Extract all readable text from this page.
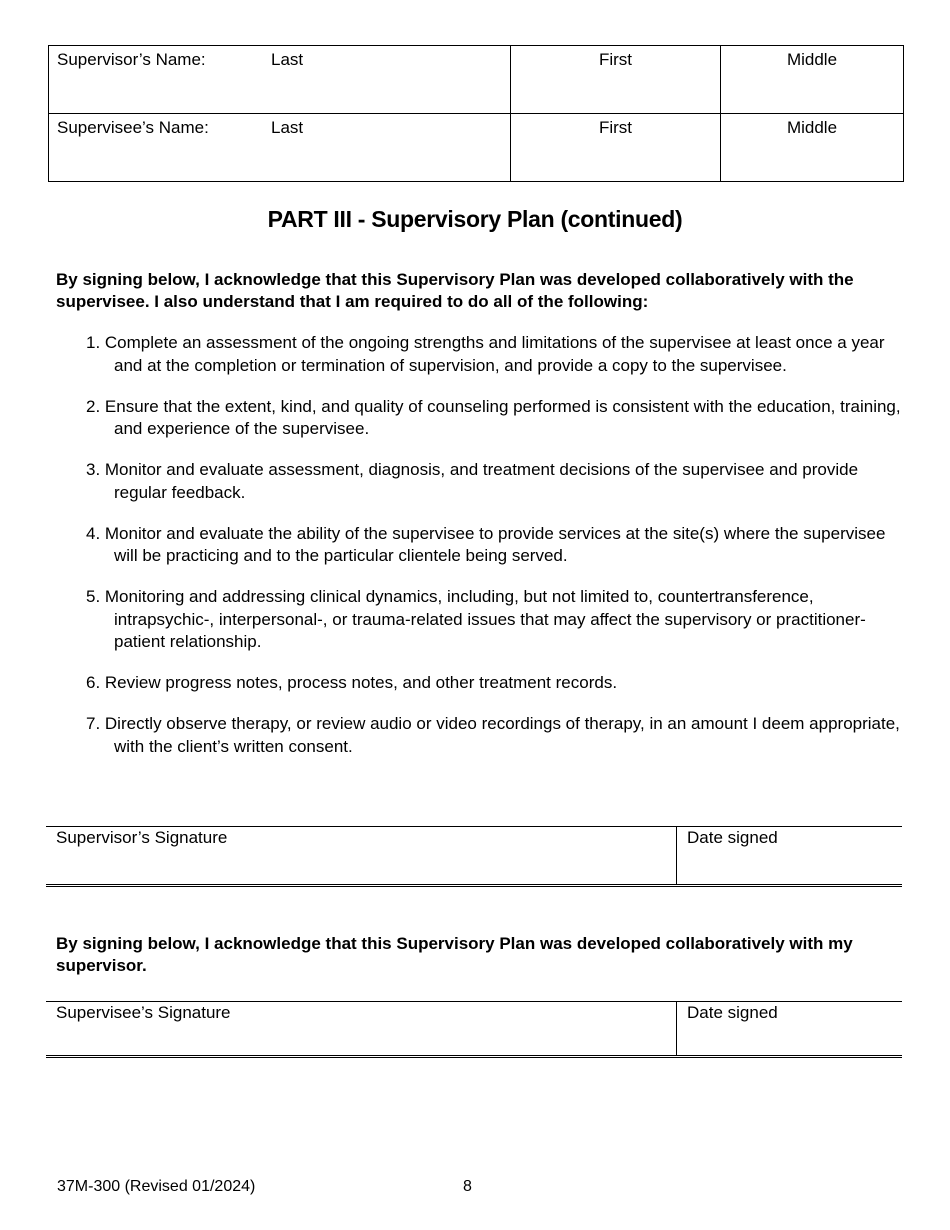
Supervisor’s Name: Last	First	Middle
Supervisee’s Name: Last	First	Middle
PART III - Supervisory Plan (continued)
By signing below, I acknowledge that this Supervisory Plan was developed collaboratively with the supervisee. I also understand that I am required to do all of the following:
1. Complete an assessment of the ongoing strengths and limitations of the supervisee at least once a year and at the completion or termination of supervision, and provide a copy to the supervisee.
2. Ensure that the extent, kind, and quality of counseling performed is consistent with the education, training, and experience of the supervisee.
3. Monitor and evaluate assessment, diagnosis, and treatment decisions of the supervisee and provide regular feedback.
4. Monitor and evaluate the ability of the supervisee to provide services at the site(s) where the supervisee will be practicing and to the particular clientele being served.
5. Monitoring and addressing clinical dynamics, including, but not limited to, countertransference, intrapsychic-, interpersonal-, or trauma-related issues that may affect the supervisory or practitioner-patient relationship.
6. Review progress notes, process notes, and other treatment records.
7. Directly observe therapy, or review audio or video recordings of therapy, in an amount I deem appropriate, with the client’s written consent.
Supervisor’s Signature	Date signed
By signing below, I acknowledge that this Supervisory Plan was developed collaboratively with my supervisor.
Supervisee’s Signature	Date signed
37M-300 (Revised 01/2024)	8
